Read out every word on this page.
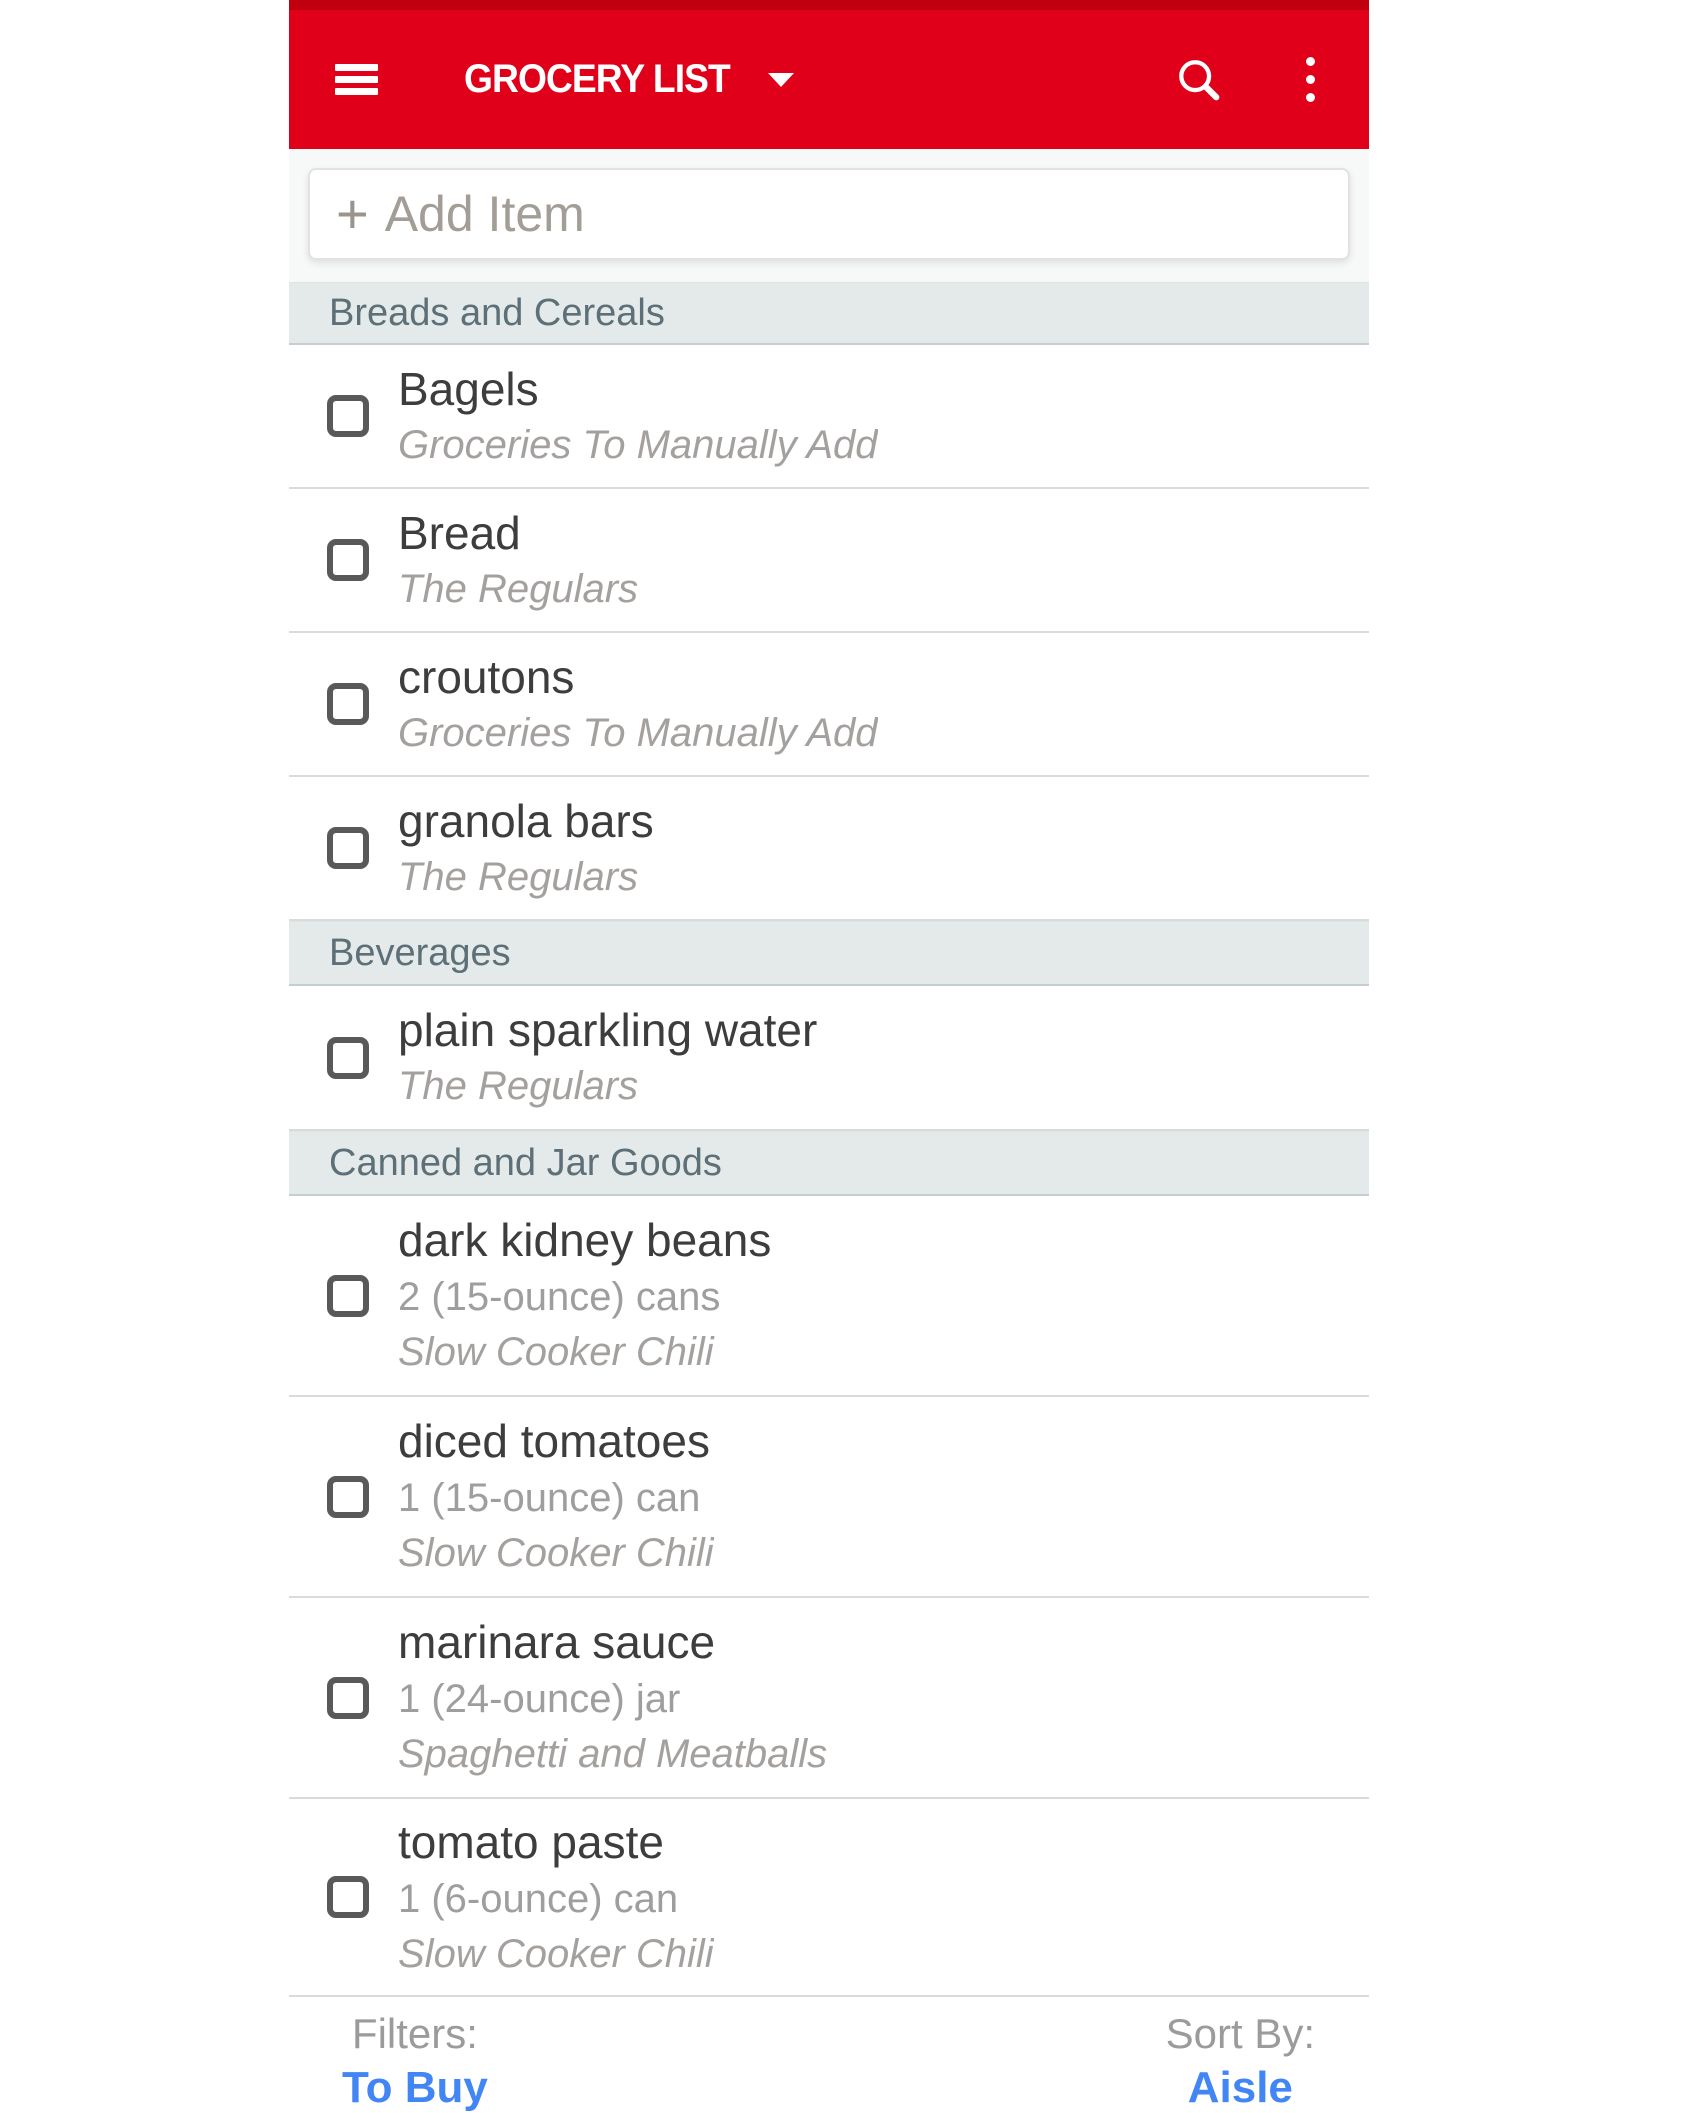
GROCERY LIST
+ Add Item
Breads and Cereals
Bagels
Groceries To Manually Add
Bread
The Regulars
croutons
Groceries To Manually Add
granola bars
The Regulars
Beverages
plain sparkling water
The Regulars
Canned and Jar Goods
dark kidney beans
2 (15-ounce) cans
Slow Cooker Chili
diced tomatoes
1 (15-ounce) can
Slow Cooker Chili
marinara sauce
1 (24-ounce) jar
Spaghetti and Meatballs
tomato paste
1 (6-ounce) can
Slow Cooker Chili
Filters:
To Buy
Sort By:
Aisle
